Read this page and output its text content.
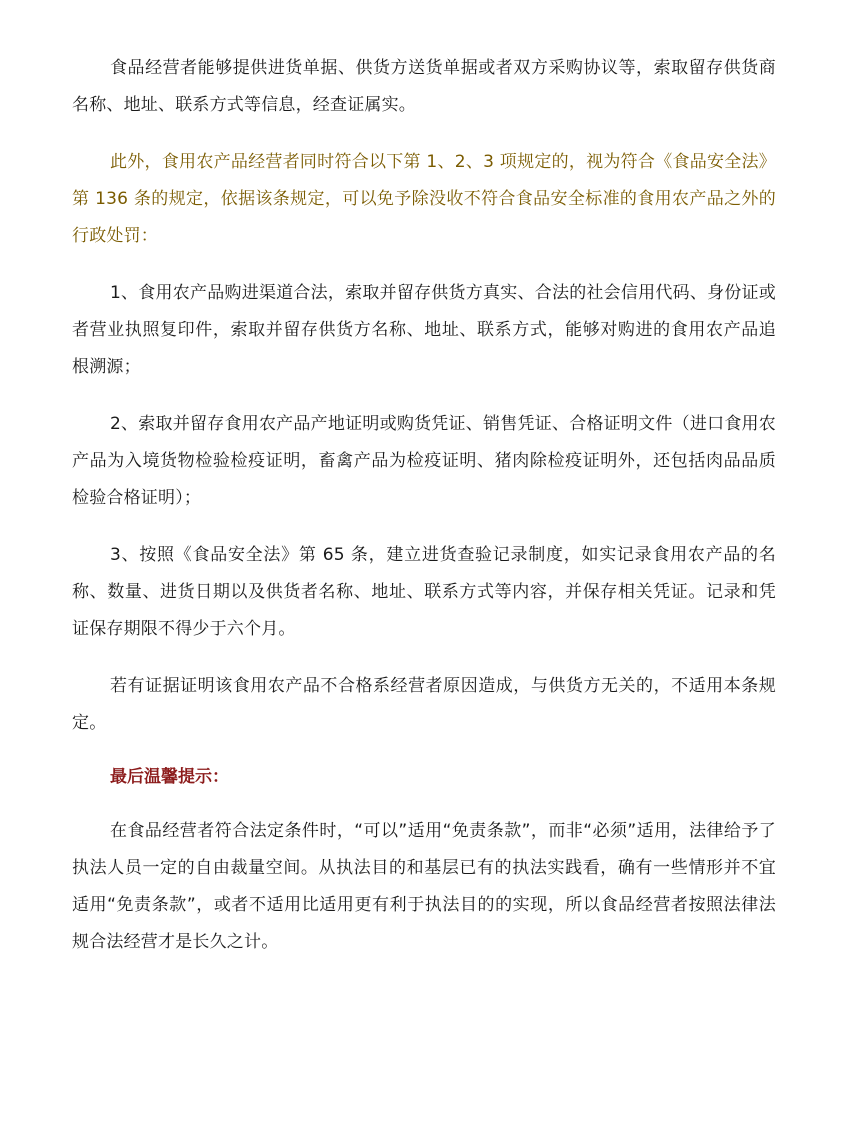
食品经营者能够提供进货单据、供货方送货单据或者双方采购协议等，索取留存供货商名称、地址、联系方式等信息，经查证属实。

此外，食用农产品经营者同时符合以下第 1、2、3 项规定的，视为符合《食品安全法》第 136 条的规定，依据该条规定，可以免予除没收不符合食品安全标准的食用农产品之外的行政处罚：

1、食用农产品购进渠道合法，索取并留存供货方真实、合法的社会信用代码、身份证或者营业执照复印件，索取并留存供货方名称、地址、联系方式，能够对购进的食用农产品追根溯源；

2、索取并留存食用农产品产地证明或购货凭证、销售凭证、合格证明文件（进口食用农产品为入境货物检验检疫证明，畜禽产品为检疫证明、猪肉除检疫证明外，还包括肉品品质检验合格证明）；

3、按照《食品安全法》第 65 条，建立进货查验记录制度，如实记录食用农产品的名称、数量、进货日期以及供货者名称、地址、联系方式等内容，并保存相关凭证。记录和凭证保存期限不得少于六个月。

若有证据证明该食用农产品不合格系经营者原因造成，与供货方无关的，不适用本条规定。

最后温馨提示：

在食品经营者符合法定条件时，“可以”适用“免责条款”，而非“必须”适用，法律给予了执法人员一定的自由裁量空间。从执法目的和基层已有的执法实践看，确有一些情形并不宜适用“免责条款”，或者不适用比适用更有利于执法目的的实现，所以食品经营者按照法律法规合法经营才是长久之计。
